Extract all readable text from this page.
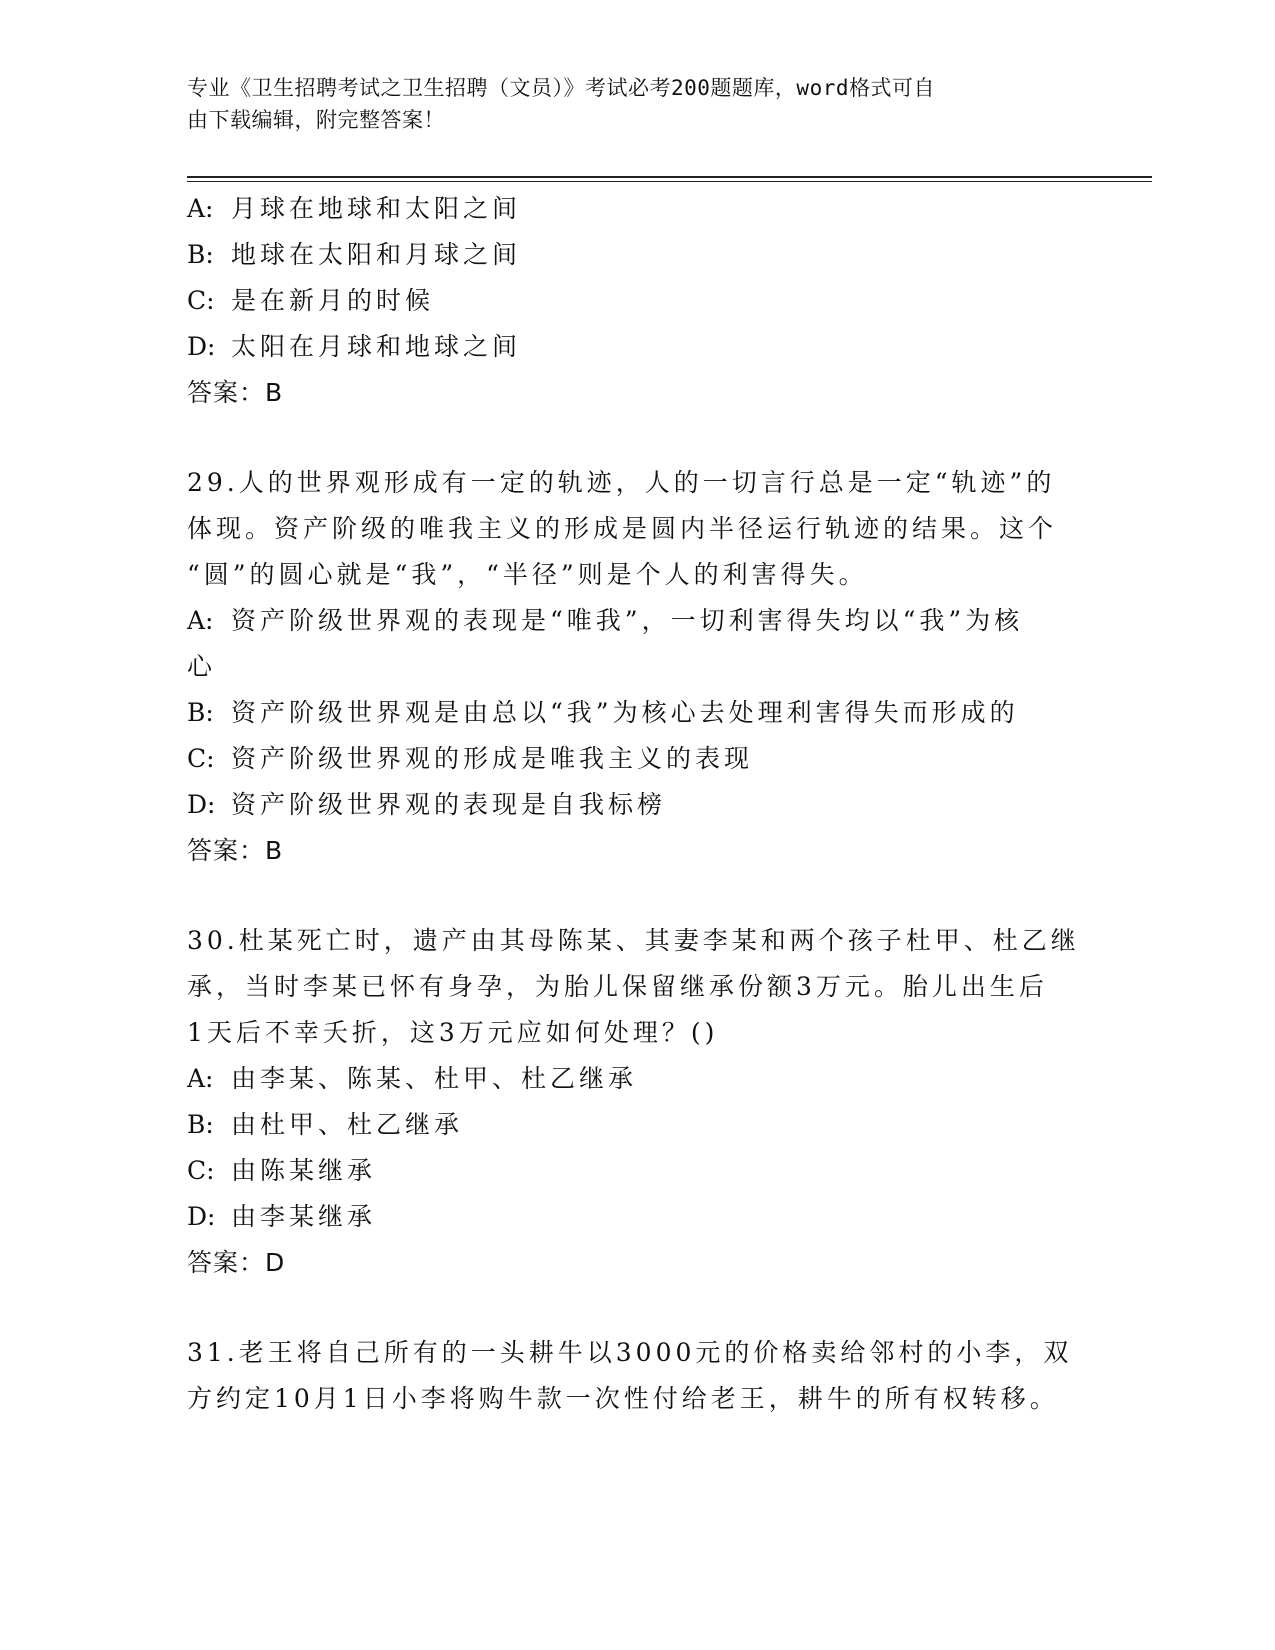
专业《卫生招聘考试之卫生招聘（文员）》考试必考200题题库，word格式可自
由下载编辑，附完整答案！
A: 月球在地球和太阳之间
B: 地球在太阳和月球之间
C: 是在新月的时候
D: 太阳在月球和地球之间
答案：B
29.人的世界观形成有一定的轨迹，人的一切言行总是一定“轨迹”的
体现。资产阶级的唯我主义的形成是圆内半径运行轨迹的结果。这个
“圆”的圆心就是“我”，“半径”则是个人的利害得失。
A: 资产阶级世界观的表现是“唯我”，一切利害得失均以“我”为核
心
B: 资产阶级世界观是由总以“我”为核心去处理利害得失而形成的
C: 资产阶级世界观的形成是唯我主义的表现
D: 资产阶级世界观的表现是自我标榜
答案：B
30.杜某死亡时，遗产由其母陈某、其妻李某和两个孩子杜甲、杜乙继
承，当时李某已怀有身孕，为胎儿保留继承份额3万元。胎儿出生后
1天后不幸夭折，这3万元应如何处理？()
A: 由李某、陈某、杜甲、杜乙继承
B: 由杜甲、杜乙继承
C: 由陈某继承
D: 由李某继承
答案：D
31.老王将自己所有的一头耕牛以3000元的价格卖给邻村的小李，双
方约定10月1日小李将购牛款一次性付给老王，耕牛的所有权转移。
